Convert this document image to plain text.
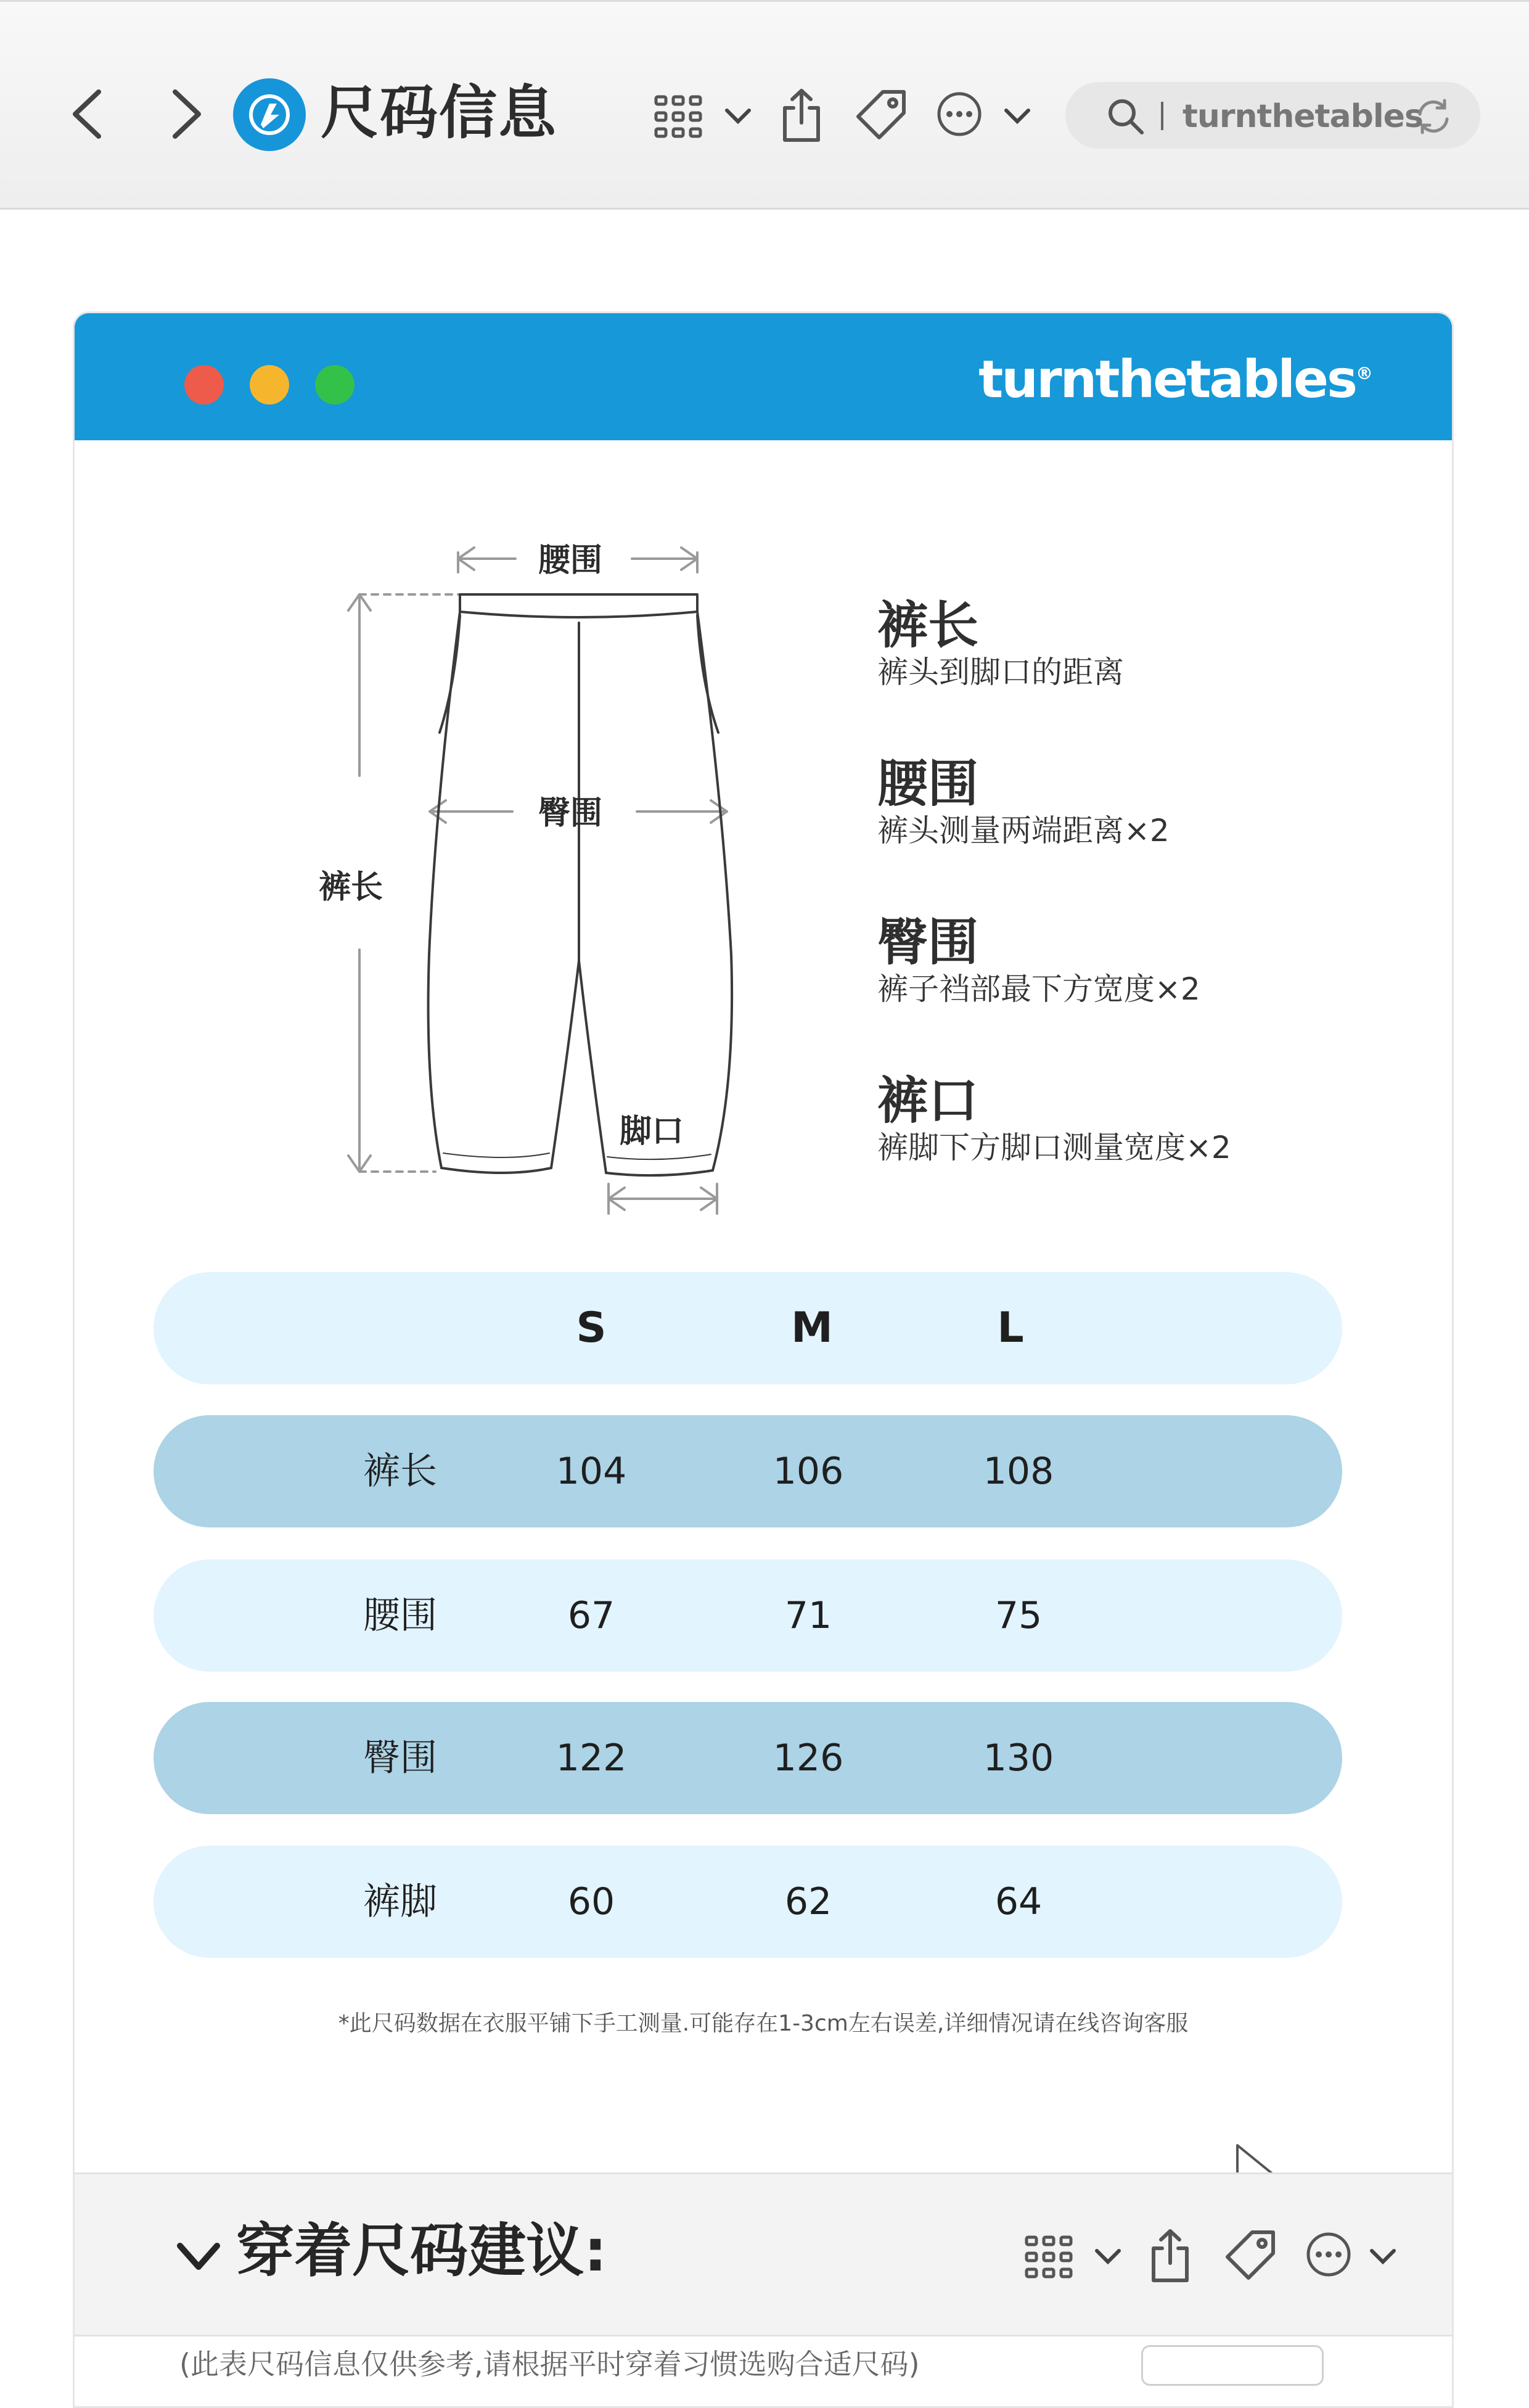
尺码信息	turnthetables
turnthetables®
腰围
臀围
裤长
脚口
裤长
裤头到脚口的距离
腰围
裤头测量两端距离×2
臀围
裤子裆部最下方宽度×2
裤口
裤脚下方脚口测量宽度×2
S	M	L
裤长	104	106	108
腰围	67	71	75
臀围	122	126	130
裤脚	60	62	64
*此尺码数据在衣服平铺下手工测量.可能存在1-3cm左右误差,详细情况请在线咨询客服
穿着尺码建议:
(此表尺码信息仅供参考,请根据平时穿着习惯选购合适尺码)
